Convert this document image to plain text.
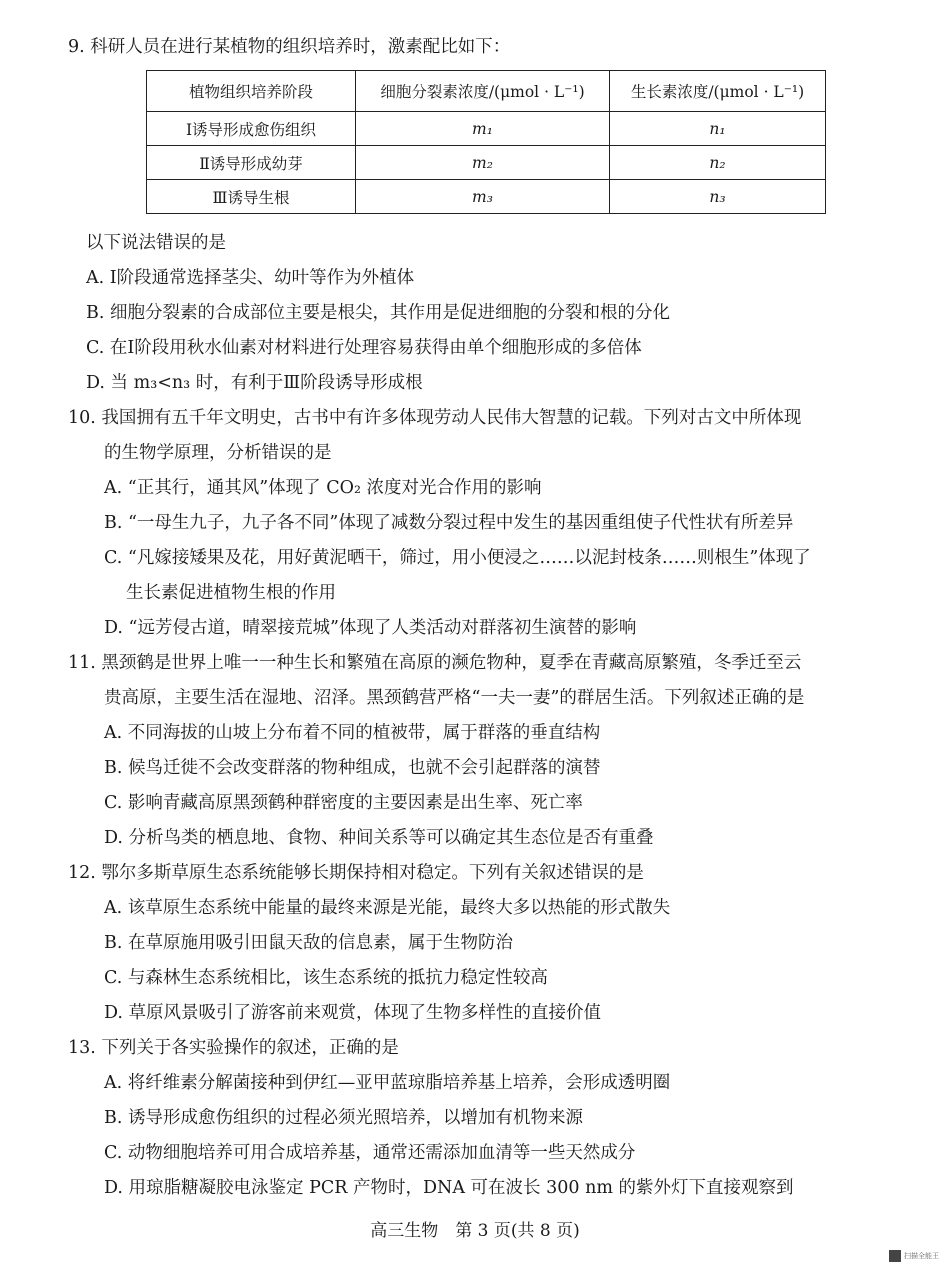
9. 科研人员在进行某植物的组织培养时，激素配比如下：
植物组织培养阶段	细胞分裂素浓度/(μmol · L⁻¹)	生长素浓度/(μmol · L⁻¹)
Ⅰ诱导形成愈伤组织	m₁	n₁
Ⅱ诱导形成幼芽	m₂	n₂
Ⅲ诱导生根	m₃	n₃
以下说法错误的是
A. Ⅰ阶段通常选择茎尖、幼叶等作为外植体
B. 细胞分裂素的合成部位主要是根尖，其作用是促进细胞的分裂和根的分化
C. 在Ⅰ阶段用秋水仙素对材料进行处理容易获得由单个细胞形成的多倍体
D. 当 m₃<n₃ 时，有利于Ⅲ阶段诱导形成根
10. 我国拥有五千年文明史，古书中有许多体现劳动人民伟大智慧的记载。下列对古文中所体现
的生物学原理，分析错误的是
A. “正其行，通其风”体现了 CO₂ 浓度对光合作用的影响
B. “一母生九子，九子各不同”体现了减数分裂过程中发生的基因重组使子代性状有所差异
C. “凡嫁接矮果及花，用好黄泥晒干，筛过，用小便浸之……以泥封枝条……则根生”体现了
生长素促进植物生根的作用
D. “远芳侵古道，晴翠接荒城”体现了人类活动对群落初生演替的影响
11. 黑颈鹤是世界上唯一一种生长和繁殖在高原的濒危物种，夏季在青藏高原繁殖，冬季迁至云
贵高原，主要生活在湿地、沼泽。黑颈鹤营严格“一夫一妻”的群居生活。下列叙述正确的是
A. 不同海拔的山坡上分布着不同的植被带，属于群落的垂直结构
B. 候鸟迁徙不会改变群落的物种组成，也就不会引起群落的演替
C. 影响青藏高原黑颈鹤种群密度的主要因素是出生率、死亡率
D. 分析鸟类的栖息地、食物、种间关系等可以确定其生态位是否有重叠
12. 鄂尔多斯草原生态系统能够长期保持相对稳定。下列有关叙述错误的是
A. 该草原生态系统中能量的最终来源是光能，最终大多以热能的形式散失
B. 在草原施用吸引田鼠天敌的信息素，属于生物防治
C. 与森林生态系统相比，该生态系统的抵抗力稳定性较高
D. 草原风景吸引了游客前来观赏，体现了生物多样性的直接价值
13. 下列关于各实验操作的叙述，正确的是
A. 将纤维素分解菌接种到伊红—亚甲蓝琼脂培养基上培养，会形成透明圈
B. 诱导形成愈伤组织的过程必须光照培养，以增加有机物来源
C. 动物细胞培养可用合成培养基，通常还需添加血清等一些天然成分
D. 用琼脂糖凝胶电泳鉴定 PCR 产物时，DNA 可在波长 300 nm 的紫外灯下直接观察到
高三生物　第 3 页(共 8 页)
扫描全能王
